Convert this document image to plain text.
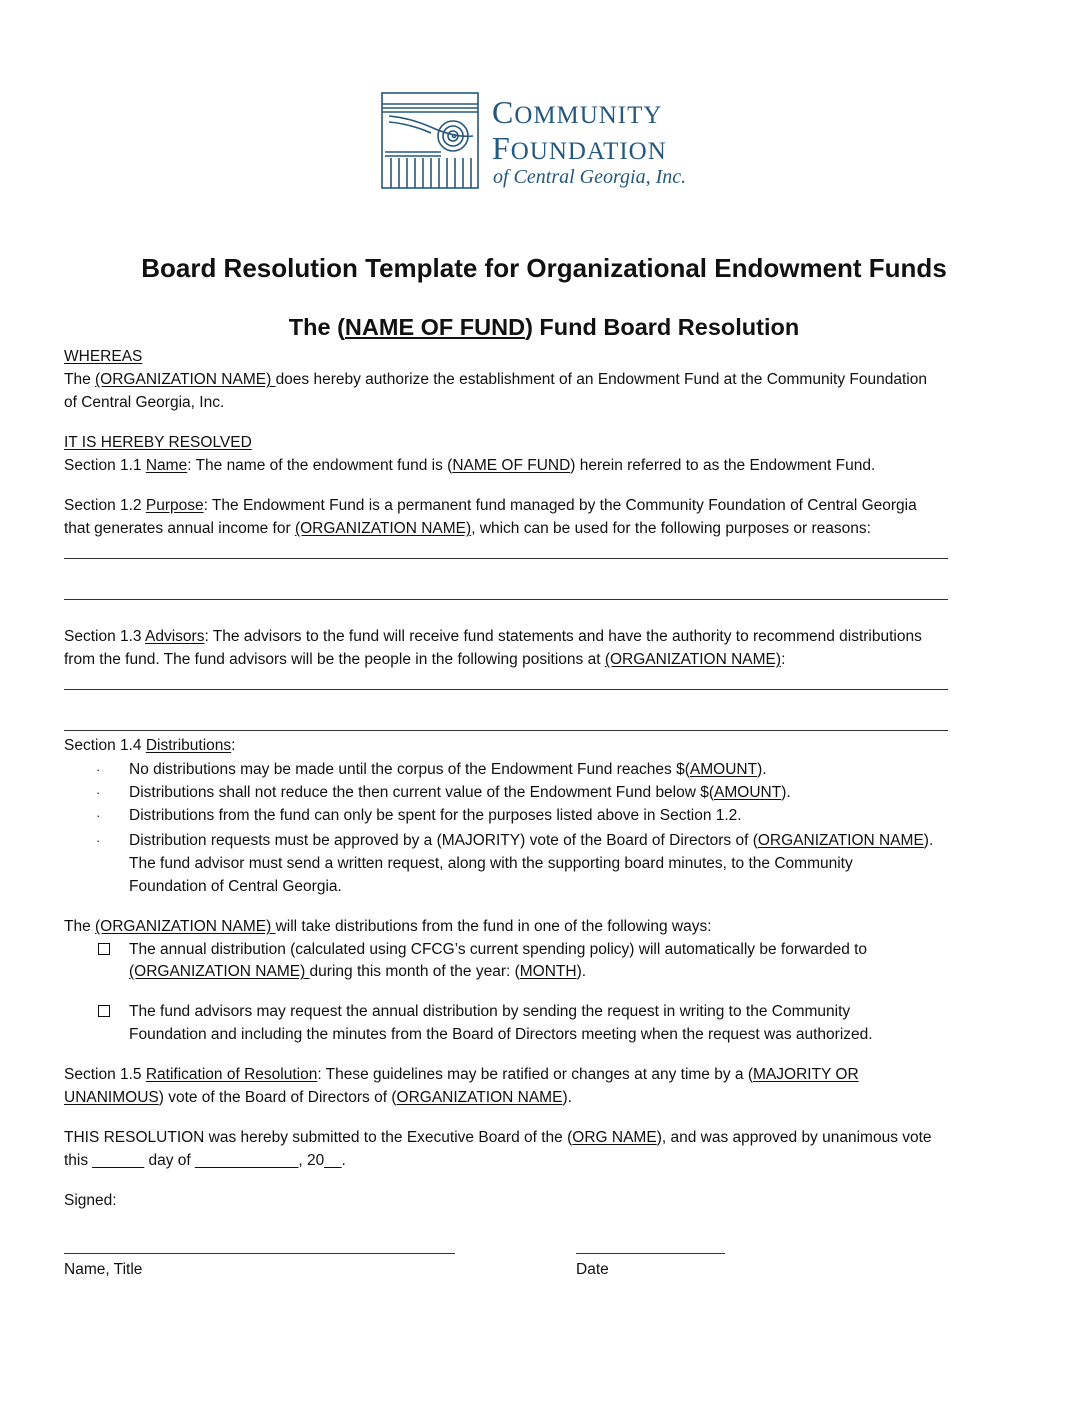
COMMUNITY
FOUNDATION
of Central Georgia, Inc.
Board Resolution Template for Organizational Endowment Funds
The (NAME OF FUND) Fund Board Resolution
WHEREAS
The (ORGANIZATION NAME) does hereby authorize the establishment of an Endowment Fund at the Community Foundation
of Central Georgia, Inc.
IT IS HEREBY RESOLVED
Section 1.1 Name: The name of the endowment fund is (NAME OF FUND) herein referred to as the Endowment Fund.
Section 1.2 Purpose: The Endowment Fund is a permanent fund managed by the Community Foundation of Central Georgia
that generates annual income for (ORGANIZATION NAME), which can be used for the following purposes or reasons:
Section 1.3 Advisors: The advisors to the fund will receive fund statements and have the authority to recommend distributions
from the fund. The fund advisors will be the people in the following positions at (ORGANIZATION NAME):
Section 1.4 Distributions:
· No distributions may be made until the corpus of the Endowment Fund reaches $(AMOUNT).
· Distributions shall not reduce the then current value of the Endowment Fund below $(AMOUNT).
· Distributions from the fund can only be spent for the purposes listed above in Section 1.2.
· Distribution requests must be approved by a (MAJORITY) vote of the Board of Directors of (ORGANIZATION NAME).
The fund advisor must send a written request, along with the supporting board minutes, to the Community
Foundation of Central Georgia.
The (ORGANIZATION NAME) will take distributions from the fund in one of the following ways:
The annual distribution (calculated using CFCG’s current spending policy) will automatically be forwarded to
(ORGANIZATION NAME) during this month of the year: (MONTH).
The fund advisors may request the annual distribution by sending the request in writing to the Community
Foundation and including the minutes from the Board of Directors meeting when the request was authorized.
Section 1.5 Ratification of Resolution: These guidelines may be ratified or changes at any time by a (MAJORITY OR
UNANIMOUS) vote of the Board of Directors of (ORGANIZATION NAME).
THIS RESOLUTION was hereby submitted to the Executive Board of the (ORG NAME), and was approved by unanimous vote
this ______ day of ____________, 20__.
Signed:
Name, Title	Date
